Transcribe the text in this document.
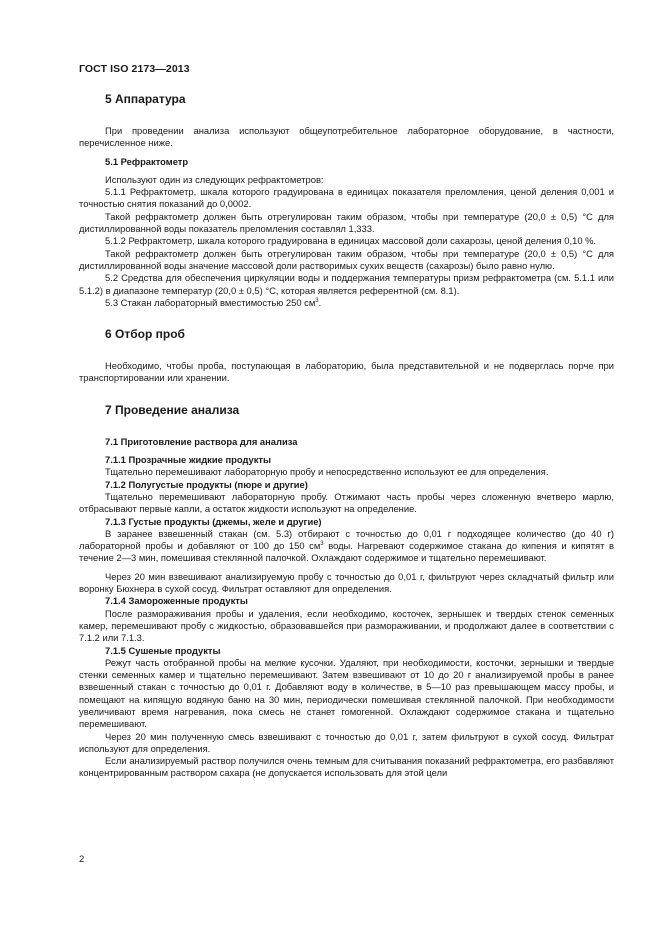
ГОСТ ISO 2173—2013
5 Аппаратура

При проведении анализа используют общеупотребительное лабораторное оборудование, в частности, перечисленное ниже.

5.1 Рефрактометр

Используют один из следующих рефрактометров:

5.1.1 Рефрактометр, шкала которого градуирована в единицах показателя преломления, ценой деления 0,001 и точностью снятия показаний до 0,0002.

Такой рефрактометр должен быть отрегулирован таким образом, чтобы при температуре (20,0 ± 0,5) °С для дистиллированной воды показатель преломления составлял 1,333.

5.1.2 Рефрактометр, шкала которого градуирована в единицах массовой доли сахарозы, ценой деления 0,10 %.

Такой рефрактометр должен быть отрегулирован таким образом, чтобы при температуре (20,0 ± 0,5) °С для дистиллированной воды значение массовой доли растворимых сухих веществ (сахарозы) было равно нулю.

5.2 Средства для обеспечения циркуляции воды и поддержания температуры призм рефрактометра (см. 5.1.1 или 5.1.2) в диапазоне температур (20,0 ± 0,5) °С, которая является референтной (см. 8.1).

5.3 Стакан лабораторный вместимостью 250 $см^3$.

6 Отбор проб

Необходимо, чтобы проба, поступающая в лабораторию, была представительной и не подверглась порче при транспортировании или хранении.

7 Проведение анализа

7.1 Приготовление раствора для анализа

7.1.1 Прозрачные жидкие продукты

Тщательно перемешивают лабораторную пробу и непосредственно используют ее для определения.

7.1.2 Полугустые продукты (пюре и другие)

Тщательно перемешивают лабораторную пробу. Отжимают часть пробы через сложенную вчетверо марлю, отбрасывают первые капли, а остаток жидкости используют на определение.

7.1.3 Густые продукты (джемы, желе и другие)

В заранее взвешенный стакан (см. 5.3) отбирают с точностью до 0,01 г подходящее количество (до 40 г) лабораторной пробы и добавляют от 100 до 150 $см^3$ воды. Нагревают содержимое стакана до кипения и кипятят в течение 2—3 мин, помешивая стеклянной палочкой. Охлаждают содержимое и тщательно перемешивают.

Через 20 мин взвешивают анализируемую пробу с точностью до 0,01 г, фильтруют через складчатый фильтр или воронку Бюхнера в сухой сосуд. Фильтрат оставляют для определения.

7.1.4 Замороженные продукты

После размораживания пробы и удаления, если необходимо, косточек, зернышек и твердых стенок семенных камер, перемешивают пробу с жидкостью, образовавшейся при размораживании, и продолжают далее в соответствии с 7.1.2 или 7.1.3.

7.1.5 Сушеные продукты

Режут часть отобранной пробы на мелкие кусочки. Удаляют, при необходимости, косточки, зернышки и твердые стенки семенных камер и тщательно перемешивают. Затем взвешивают от 10 до 20 г анализируемой пробы в ранее взвешенный стакан с точностью до 0,01 г. Добавляют воду в количестве, в 5—10 раз превышающем массу пробы, и помещают на кипящую водяную баню на 30 мин, периодически помешивая стеклянной палочкой. При необходимости увеличивают время нагревания, пока смесь не станет гомогенной. Охлаждают содержимое стакана и тщательно перемешивают.

Через 20 мин полученную смесь взвешивают с точностью до 0,01 г, затем фильтруют в сухой сосуд. Фильтрат используют для определения.

Если анализируемый раствор получился очень темным для считывания показаний рефрактометра, его разбавляют концентрированным раствором сахара (не допускается использовать для этой цели

2
